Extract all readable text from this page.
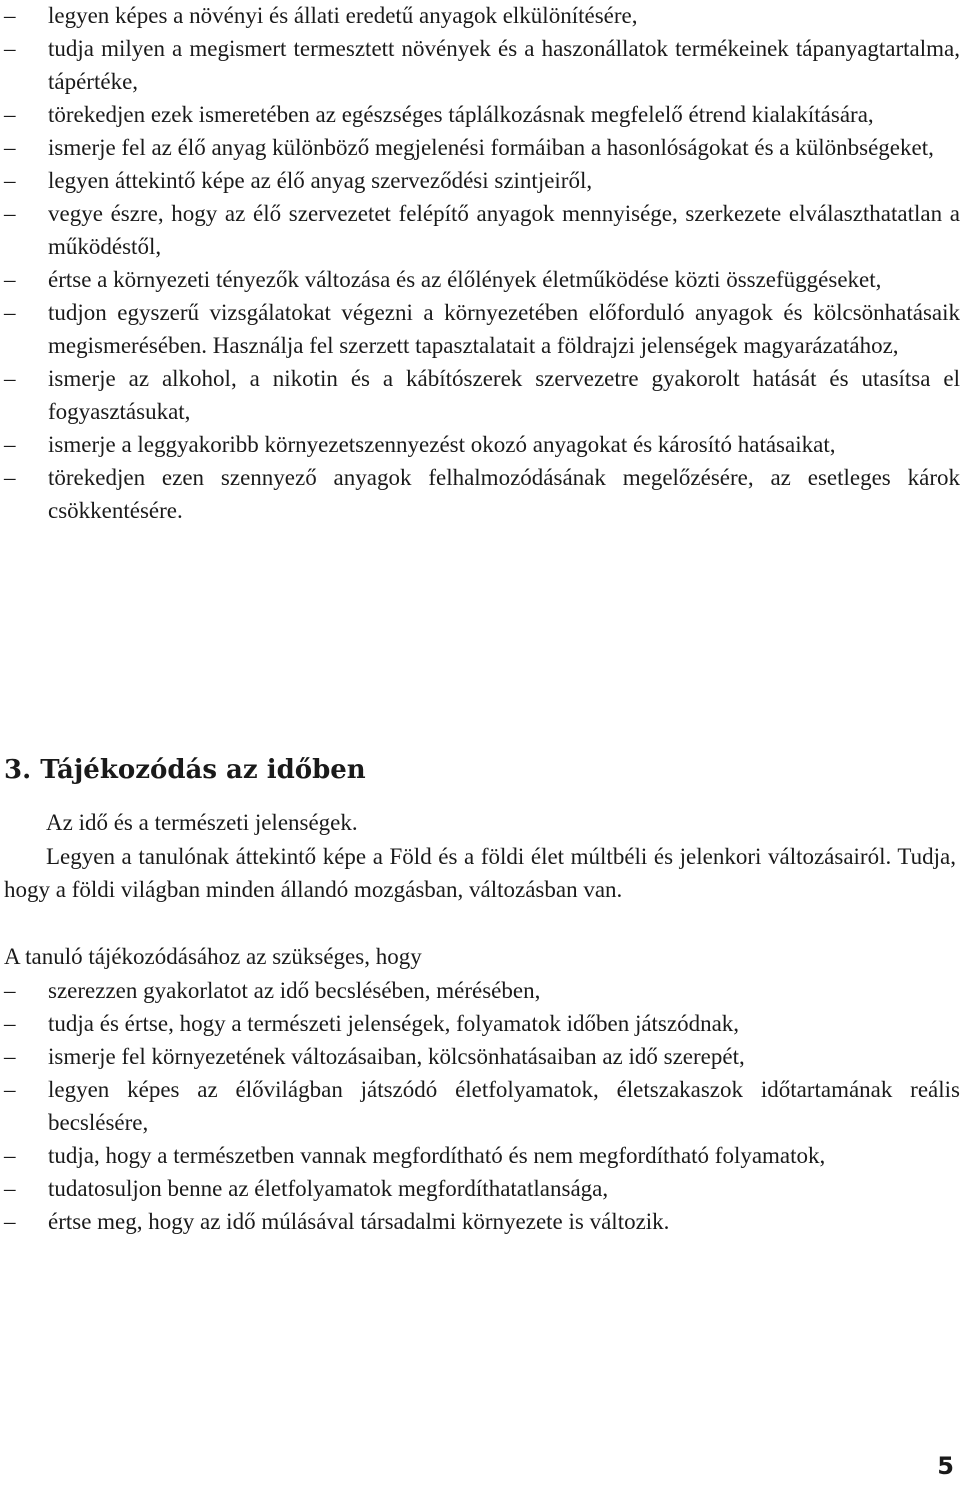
–	legyen képes a növényi és állati eredetű anyagok elkülönítésére,
–	tudja milyen a megismert termesztett növények és a haszonállatok termékeinek tápanyagtartalma, tápértéke,
–	törekedjen ezek ismeretében az egészséges táplálkozásnak megfelelő étrend kialakítására,
–	ismerje fel az élő anyag különböző megjelenési formáiban a hasonlóságokat és a különbségeket,
–	legyen áttekintő képe az élő anyag szerveződési szintjeiről,
–	vegye észre, hogy az élő szervezetet felépítő anyagok mennyisége, szerkezete elválaszthatatlan a működéstől,
–	értse a környezeti tényezők változása és az élőlények életműködése közti összefüggéseket,
–	tudjon egyszerű vizsgálatokat végezni a környezetében előforduló anyagok és kölcsönhatásaik megismerésében. Használja fel szerzett tapasztalatait a földrajzi jelenségek magyarázatához,
–	ismerje az alkohol, a nikotin és a kábítószerek szervezetre gyakorolt hatását és utasítsa el fogyasztásukat,
–	ismerje a leggyakoribb környezetszennyezést okozó anyagokat és károsító hatásaikat,
–	törekedjen ezen szennyező anyagok felhalmozódásának megelőzésére, az esetleges károk csökkentésére.
3. Tájékozódás az időben

Az idő és a természeti jelenségek.

Legyen a tanulónak áttekintő képe a Föld és a földi élet múltbéli és jelenkori változásairól. Tudja, hogy a földi világban minden állandó mozgásban, változásban van.

A tanuló tájékozódásához az szükséges, hogy

–	szerezzen gyakorlatot az idő becslésében, mérésében,
–	tudja és értse, hogy a természeti jelenségek, folyamatok időben játszódnak,
–	ismerje fel környezetének változásaiban, kölcsönhatásaiban az idő szerepét,
–	legyen képes az élővilágban játszódó életfolyamatok, életszakaszok időtartamának reális becslésére,
–	tudja, hogy a természetben vannak megfordítható és nem megfordítható folyamatok,
–	tudatosuljon benne az életfolyamatok megfordíthatatlansága,
–	értse meg, hogy az idő múlásával társadalmi környezete is változik.
5
